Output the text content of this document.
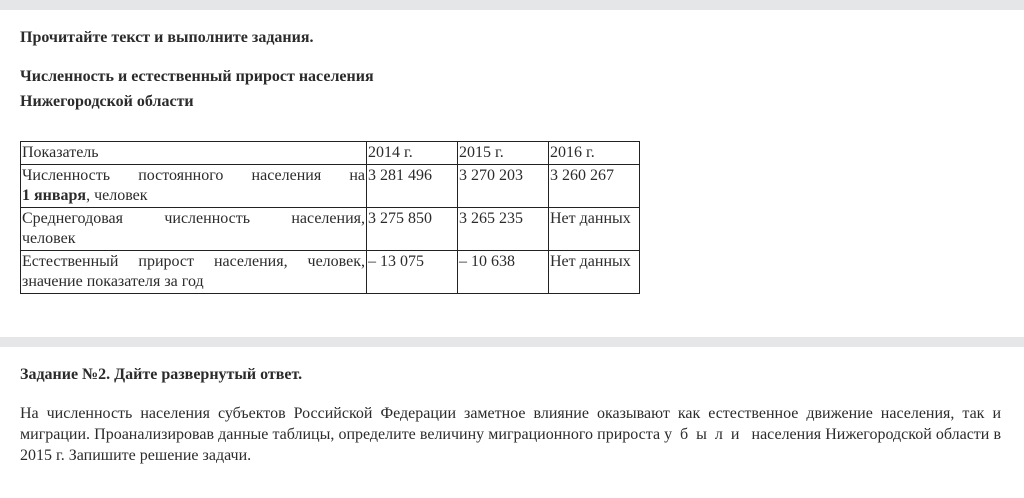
Прочитайте текст и выполните задания.

Численность и естественный прирост населения

Нижегородской области

Показатель	2014 г.	2015 г.	2016 г.

Численность постоянного населения на
1 января, человек	3 281 496	3 270 203	3 260 267

Среднегодовая численность населения,
человек	3 275 850	3 265 235	Нет данных

Естественный прирост населения, человек,
значение показателя за год	– 13 075	– 10 638	Нет данных

Задание №2. Дайте развернутый ответ.

На численность населения субъектов Российской Федерации заметное влияние оказывают как естественное движение населения, так и миграции. Проанализировав данные таблицы, определите величину миграционного прироста убыли населения Нижегородской области в 2015 г. Запишите решение задачи.
